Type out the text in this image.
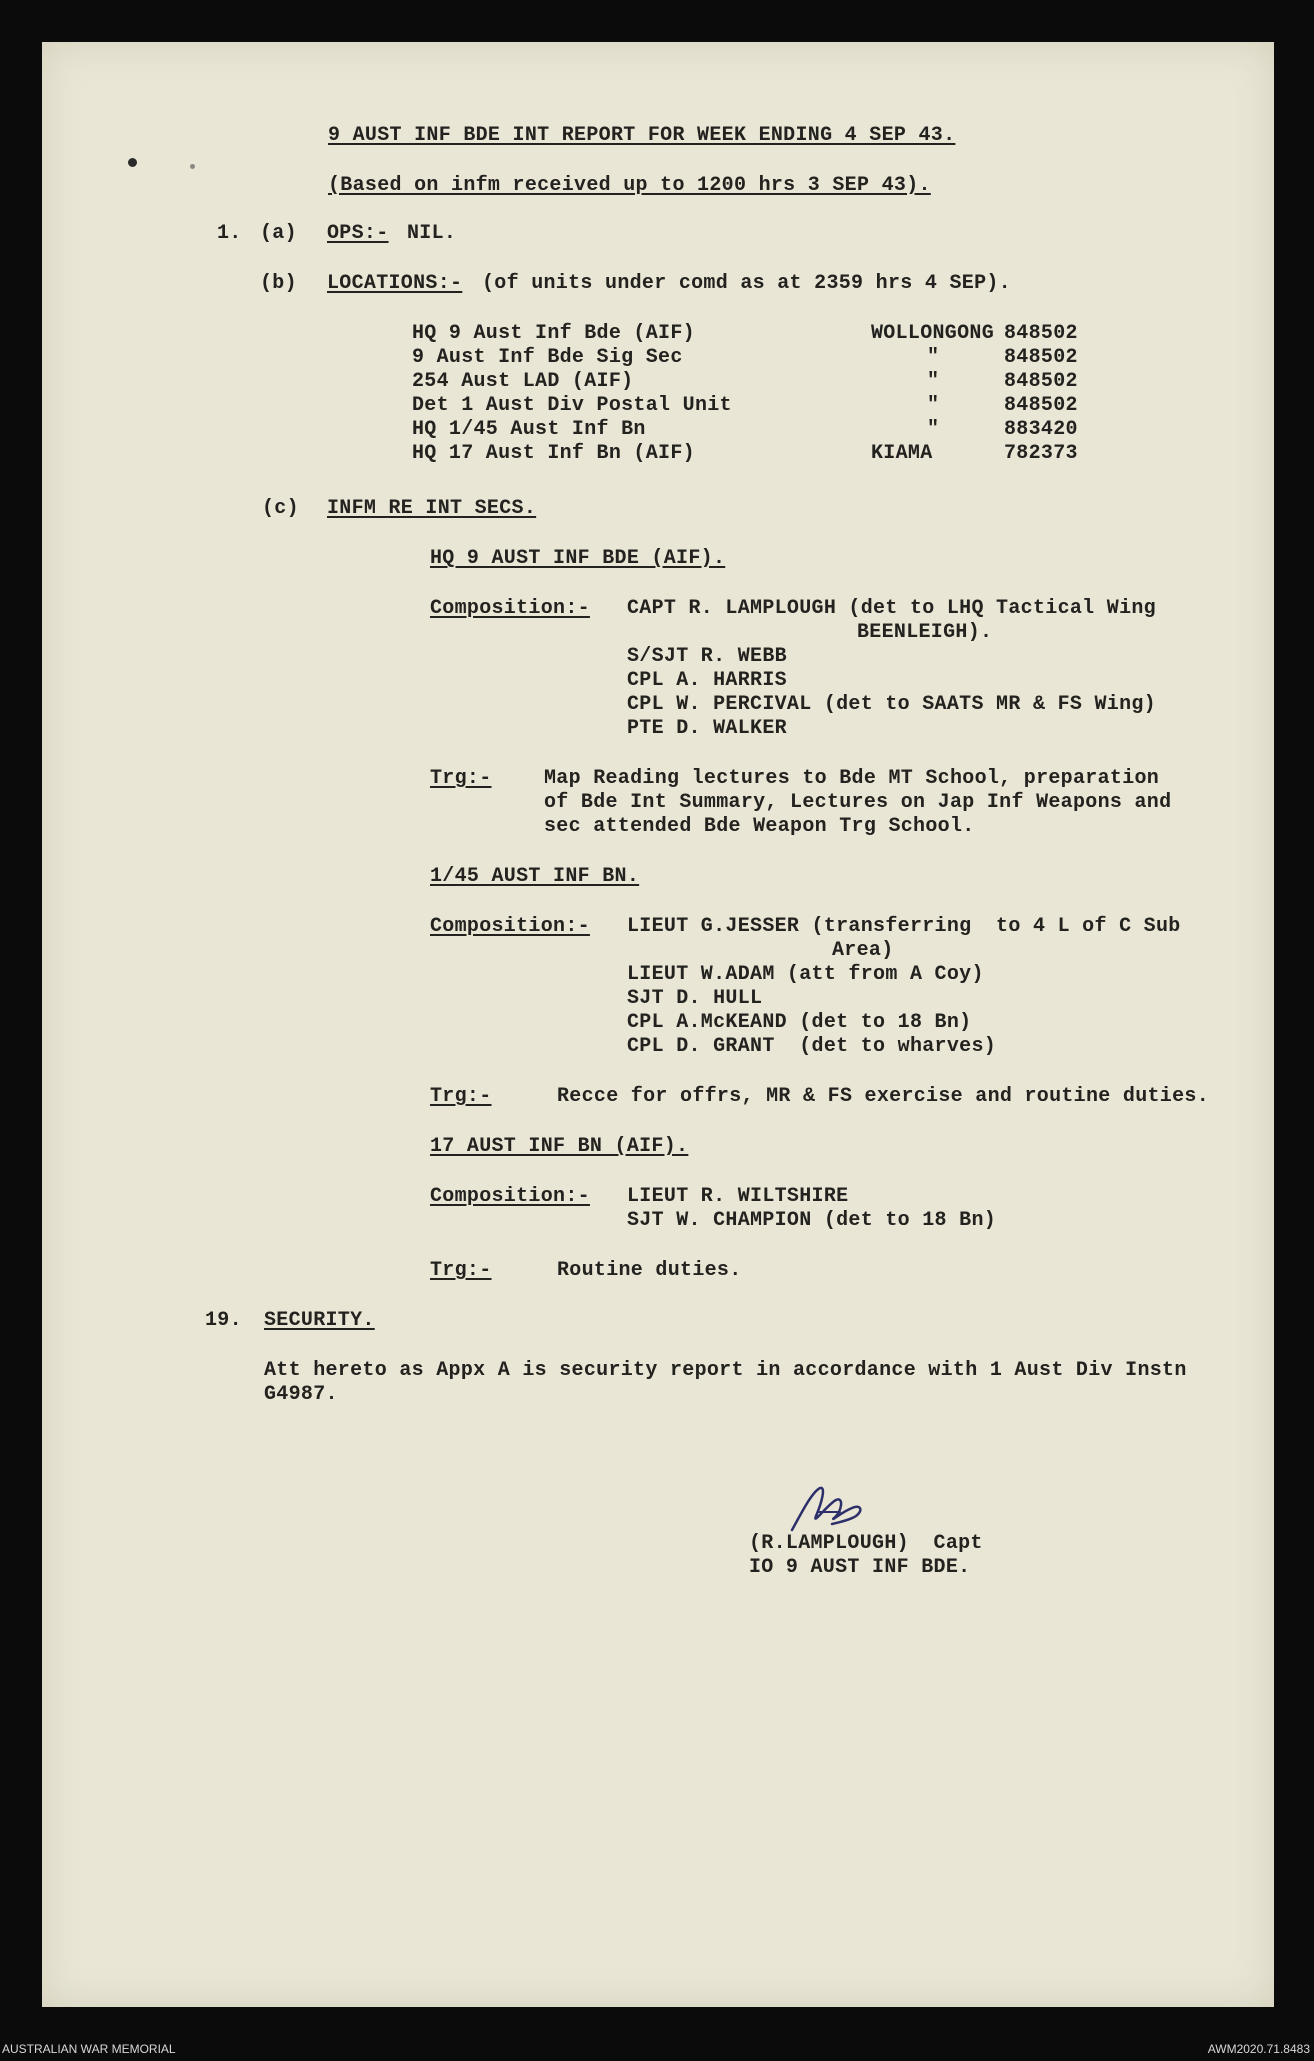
9 AUST INF BDE INT REPORT FOR WEEK ENDING 4 SEP 43.
(Based on infm received up to 1200 hrs 3 SEP 43).
1. (a) OPS:- NIL.
(b) LOCATIONS:- (of units under comd as at 2359 hrs 4 SEP).
HQ 9 Aust Inf Bde (AIF)	WOLLONGONG 848502
9 Aust Inf Bde Sig Sec	"	848502
254 Aust LAD (AIF)	"	848502
Det 1 Aust Div Postal Unit	"	848502
HQ 1/45 Aust Inf Bn	"	883420
HQ 17 Aust Inf Bn (AIF)	KIAMA	782373
(c) INFM RE INT SECS.
HQ 9 AUST INF BDE (AIF).
Composition:- CAPT R. LAMPLOUGH (det to LHQ Tactical Wing
BEENLEIGH).
S/SJT R. WEBB
CPL A. HARRIS
CPL W. PERCIVAL (det to SAATS MR & FS Wing)
PTE D. WALKER
Trg:-	Map Reading lectures to Bde MT School, preparation
of Bde Int Summary, Lectures on Jap Inf Weapons and
sec attended Bde Weapon Trg School.
1/45 AUST INF BN.
Composition:- LIEUT G.JESSER (transferring  to 4 L of C Sub
Area)
LIEUT W.ADAM (att from A Coy)
SJT D. HULL
CPL A.McKEAND (det to 18 Bn)
CPL D. GRANT  (det to wharves)
Trg:-	Recce for offrs, MR & FS exercise and routine duties.
17 AUST INF BN (AIF).
Composition:- LIEUT R. WILTSHIRE
SJT W. CHAMPION (det to 18 Bn)
Trg:-	Routine duties.
19. SECURITY.
Att hereto as Appx A is security report in accordance with 1 Aust Div Instn
G4987.
(R.LAMPLOUGH)  Capt
IO 9 AUST INF BDE.
AUSTRALIAN WAR MEMORIAL	AWM2020.71.8483
